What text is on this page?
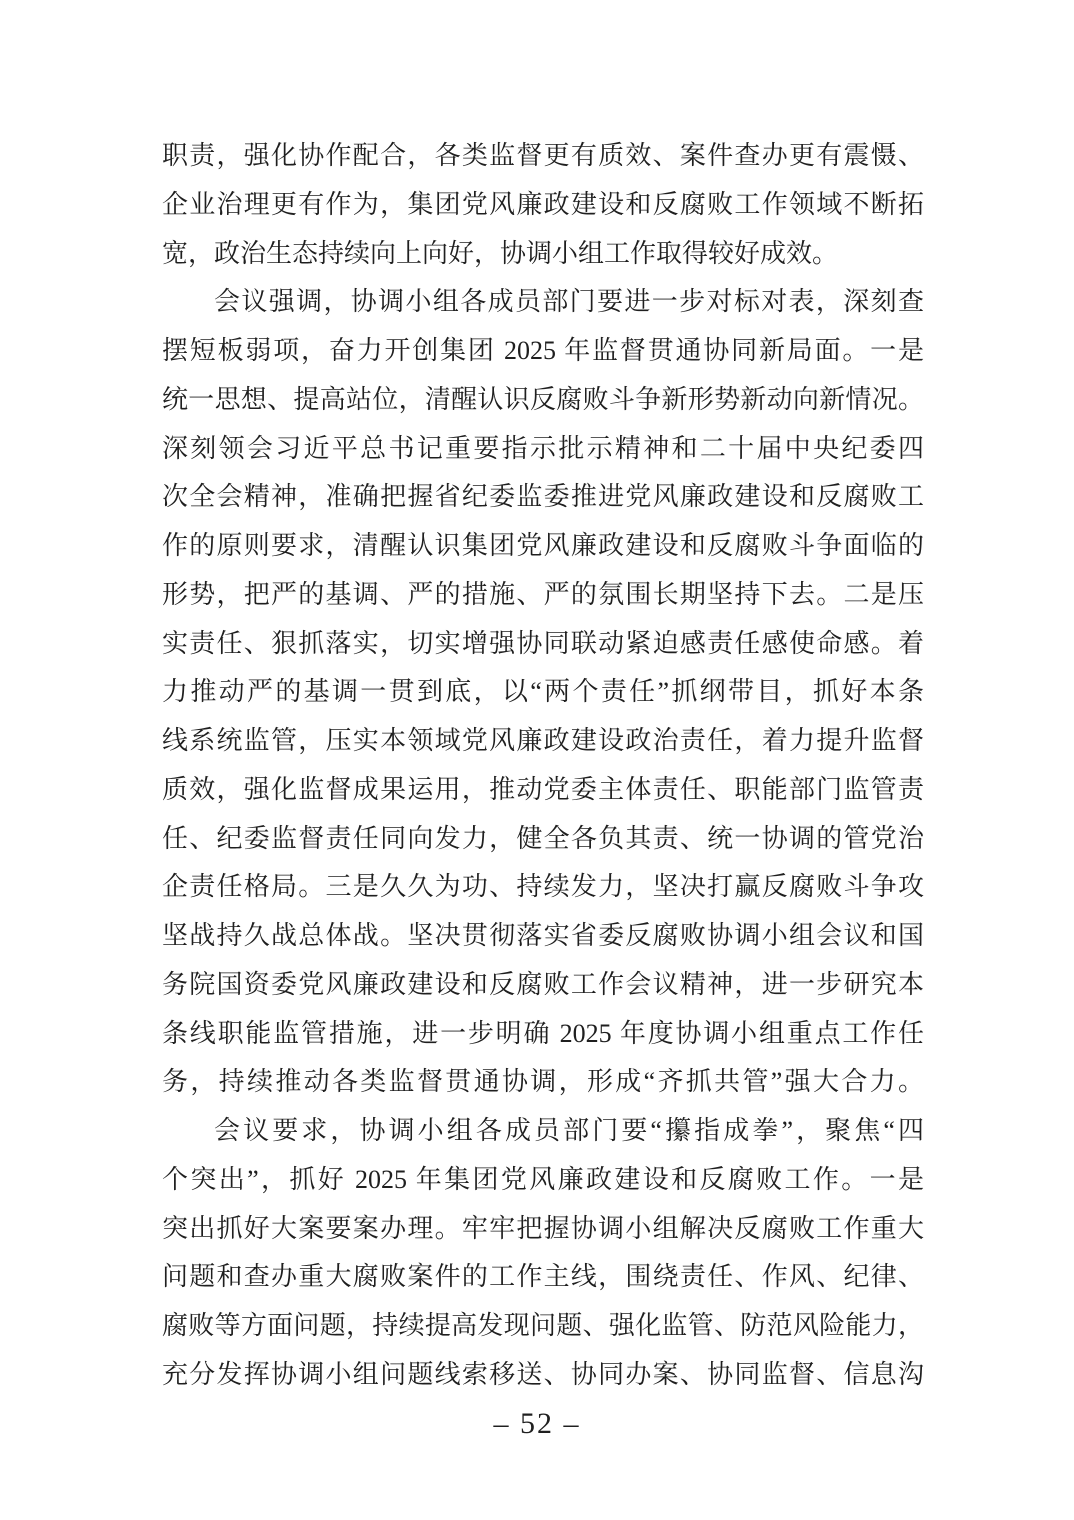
职责，强化协作配合，各类监督更有质效、案件查办更有震慑、
企业治理更有作为，集团党风廉政建设和反腐败工作领域不断拓
宽，政治生态持续向上向好，协调小组工作取得较好成效。
会议强调，协调小组各成员部门要进一步对标对表，深刻查
摆短板弱项，奋力开创集团 2025 年监督贯通协同新局面。一是
统一思想、提高站位，清醒认识反腐败斗争新形势新动向新情况。
深刻领会习近平总书记重要指示批示精神和二十届中央纪委四
次全会精神，准确把握省纪委监委推进党风廉政建设和反腐败工
作的原则要求，清醒认识集团党风廉政建设和反腐败斗争面临的
形势，把严的基调、严的措施、严的氛围长期坚持下去。二是压
实责任、狠抓落实，切实增强协同联动紧迫感责任感使命感。着
力推动严的基调一贯到底，以“两个责任”抓纲带目，抓好本条
线系统监管，压实本领域党风廉政建设政治责任，着力提升监督
质效，强化监督成果运用，推动党委主体责任、职能部门监管责
任、纪委监督责任同向发力，健全各负其责、统一协调的管党治
企责任格局。三是久久为功、持续发力，坚决打赢反腐败斗争攻
坚战持久战总体战。坚决贯彻落实省委反腐败协调小组会议和国
务院国资委党风廉政建设和反腐败工作会议精神，进一步研究本
条线职能监管措施，进一步明确 2025 年度协调小组重点工作任
务，持续推动各类监督贯通协调，形成“齐抓共管”强大合力。
会议要求，协调小组各成员部门要“攥指成拳”，聚焦“四
个突出”，抓好 2025 年集团党风廉政建设和反腐败工作。一是
突出抓好大案要案办理。牢牢把握协调小组解决反腐败工作重大
问题和查办重大腐败案件的工作主线，围绕责任、作风、纪律、
腐败等方面问题，持续提高发现问题、强化监管、防范风险能力，
充分发挥协调小组问题线索移送、协同办案、协同监督、信息沟
– 52 –
